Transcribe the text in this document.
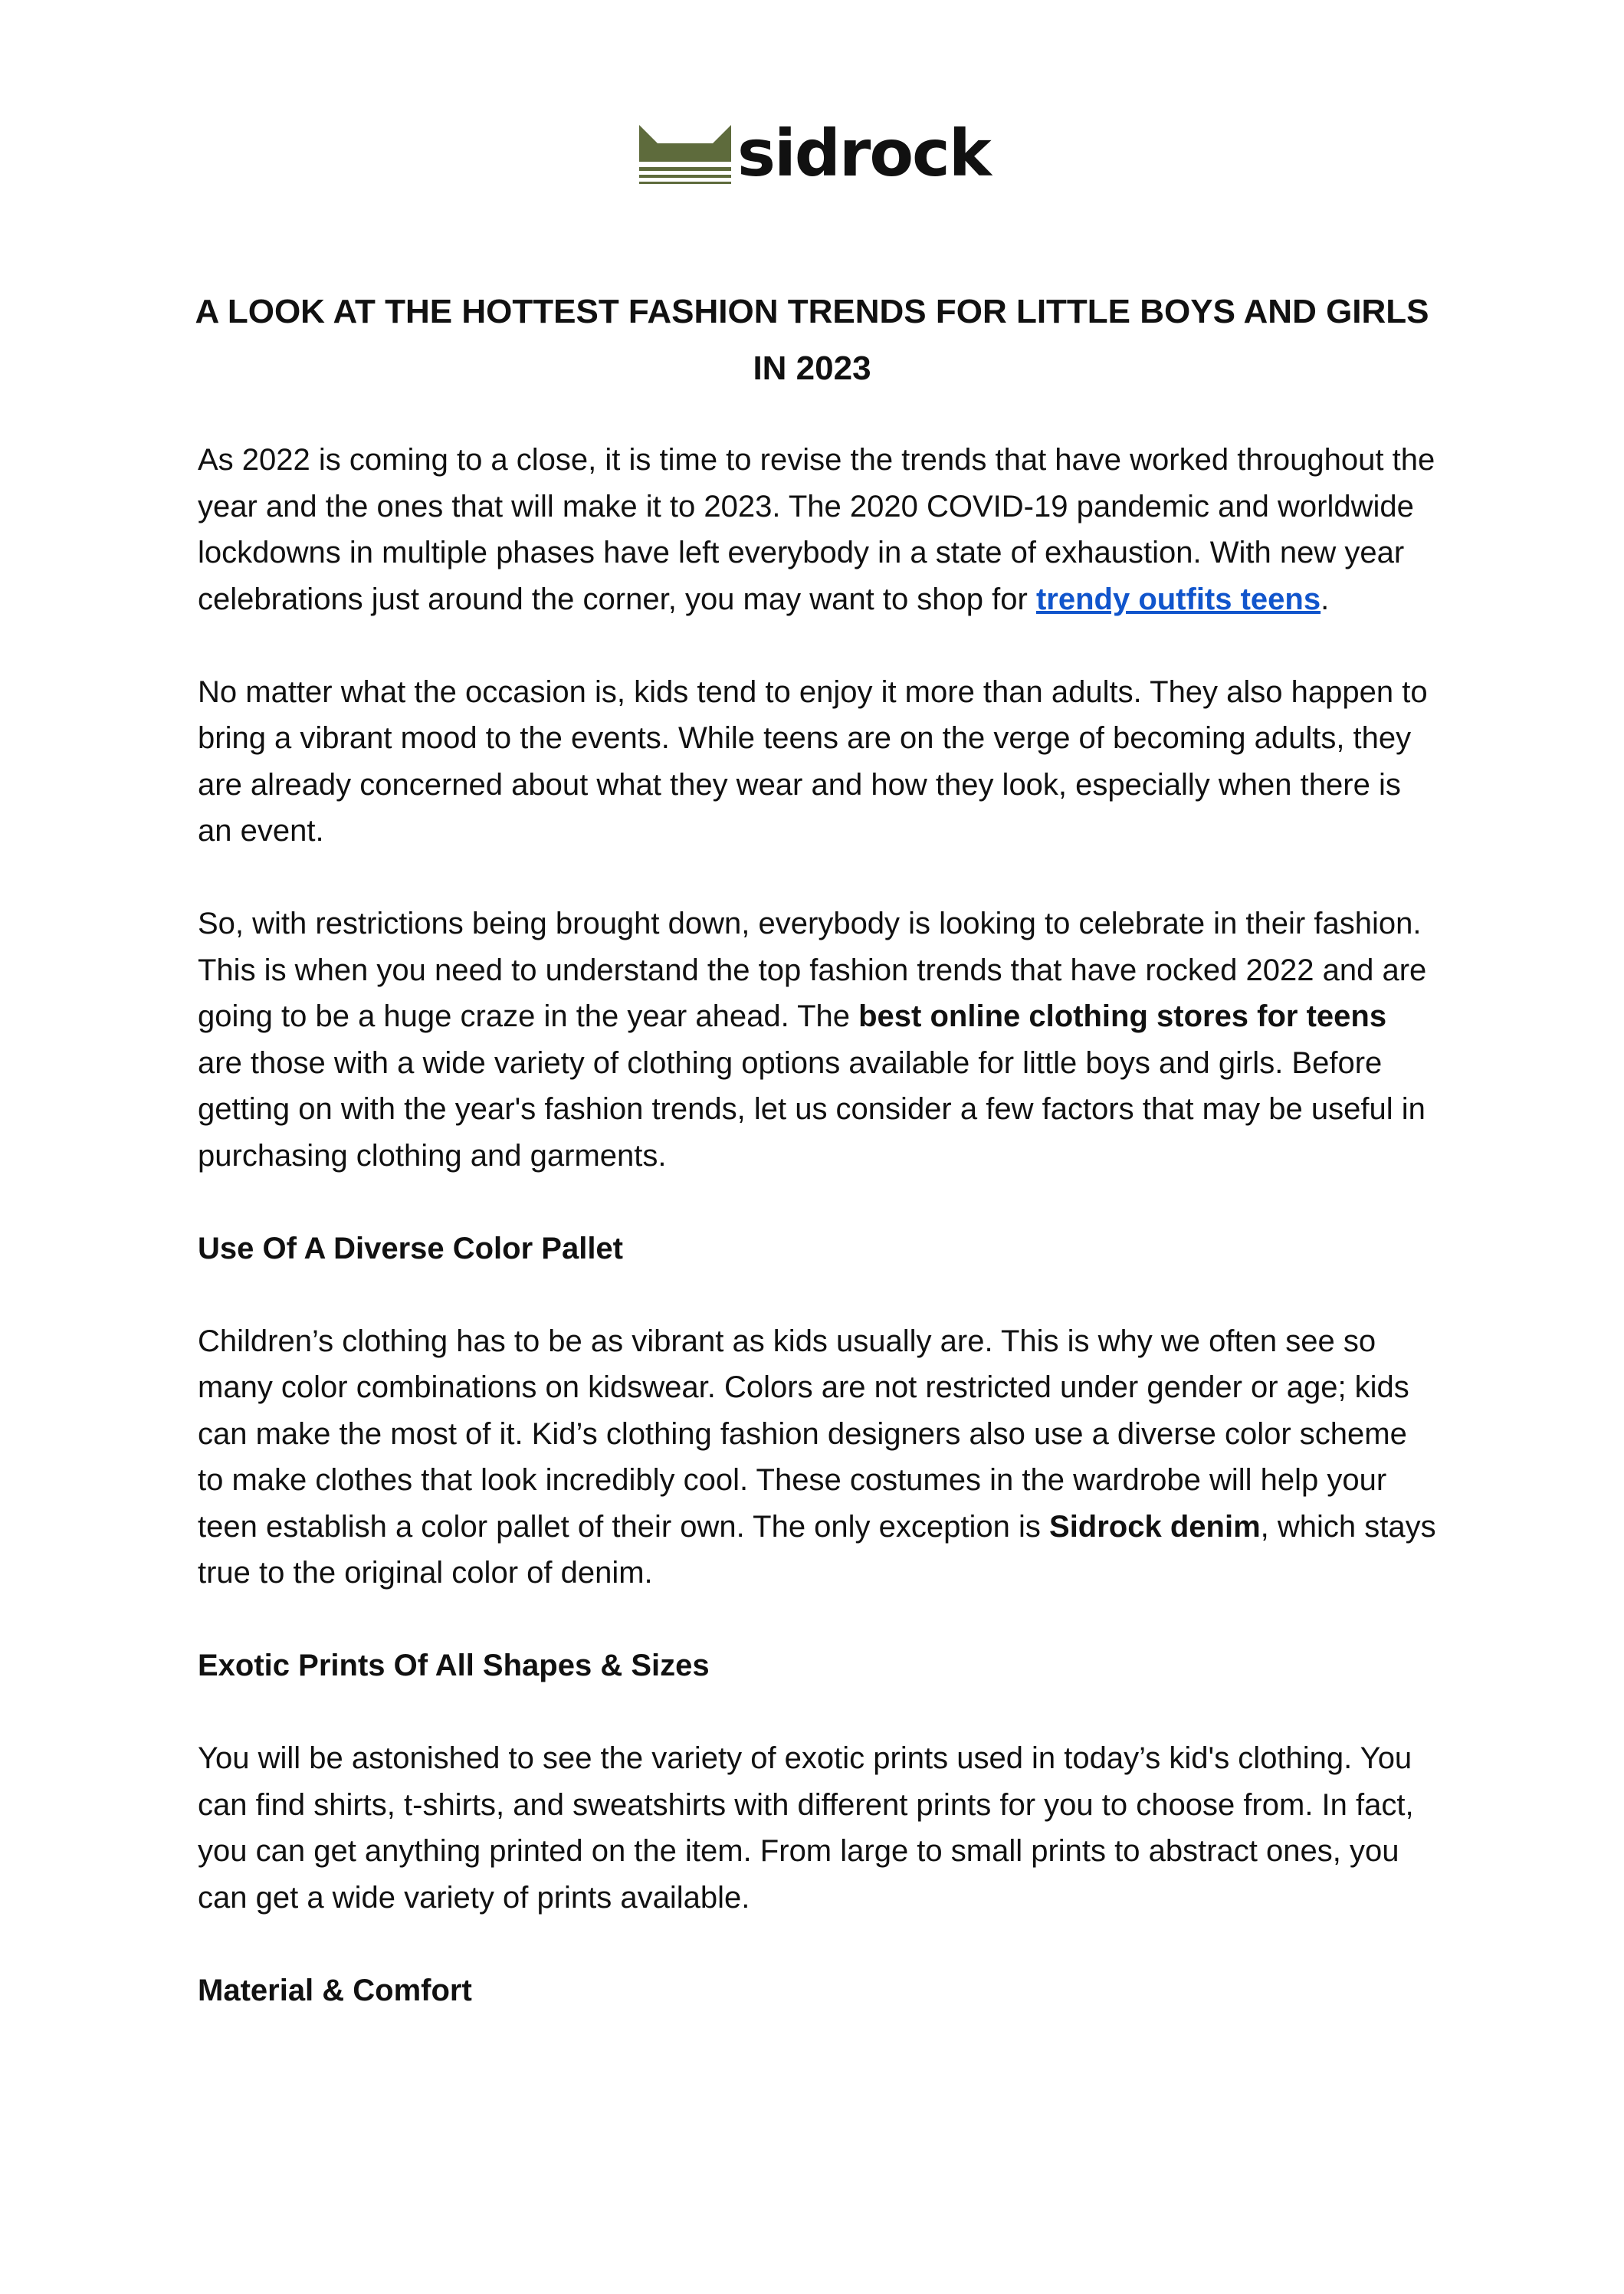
sidrock
A LOOK AT THE HOTTEST FASHION TRENDS FOR LITTLE BOYS AND GIRLS IN 2023

As 2022 is coming to a close, it is time to revise the trends that have worked throughout the year and the ones that will make it to 2023. The 2020 COVID-19 pandemic and worldwide lockdowns in multiple phases have left everybody in a state of exhaustion. With new year celebrations just around the corner, you may want to shop for trendy outfits teens.

No matter what the occasion is, kids tend to enjoy it more than adults. They also happen to bring a vibrant mood to the events. While teens are on the verge of becoming adults, they are already concerned about what they wear and how they look, especially when there is an event.

So, with restrictions being brought down, everybody is looking to celebrate in their fashion. This is when you need to understand the top fashion trends that have rocked 2022 and are going to be a huge craze in the year ahead. The best online clothing stores for teens are those with a wide variety of clothing options available for little boys and girls. Before getting on with the year's fashion trends, let us consider a few factors that may be useful in purchasing clothing and garments.

Use Of A Diverse Color Pallet

Children’s clothing has to be as vibrant as kids usually are. This is why we often see so many color combinations on kidswear. Colors are not restricted under gender or age; kids can make the most of it. Kid’s clothing fashion designers also use a diverse color scheme to make clothes that look incredibly cool. These costumes in the wardrobe will help your teen establish a color pallet of their own. The only exception is Sidrock denim, which stays true to the original color of denim.

Exotic Prints Of All Shapes & Sizes

You will be astonished to see the variety of exotic prints used in today’s kid's clothing. You can find shirts, t-shirts, and sweatshirts with different prints for you to choose from. In fact, you can get anything printed on the item. From large to small prints to abstract ones, you can get a wide variety of prints available.

Material & Comfort
